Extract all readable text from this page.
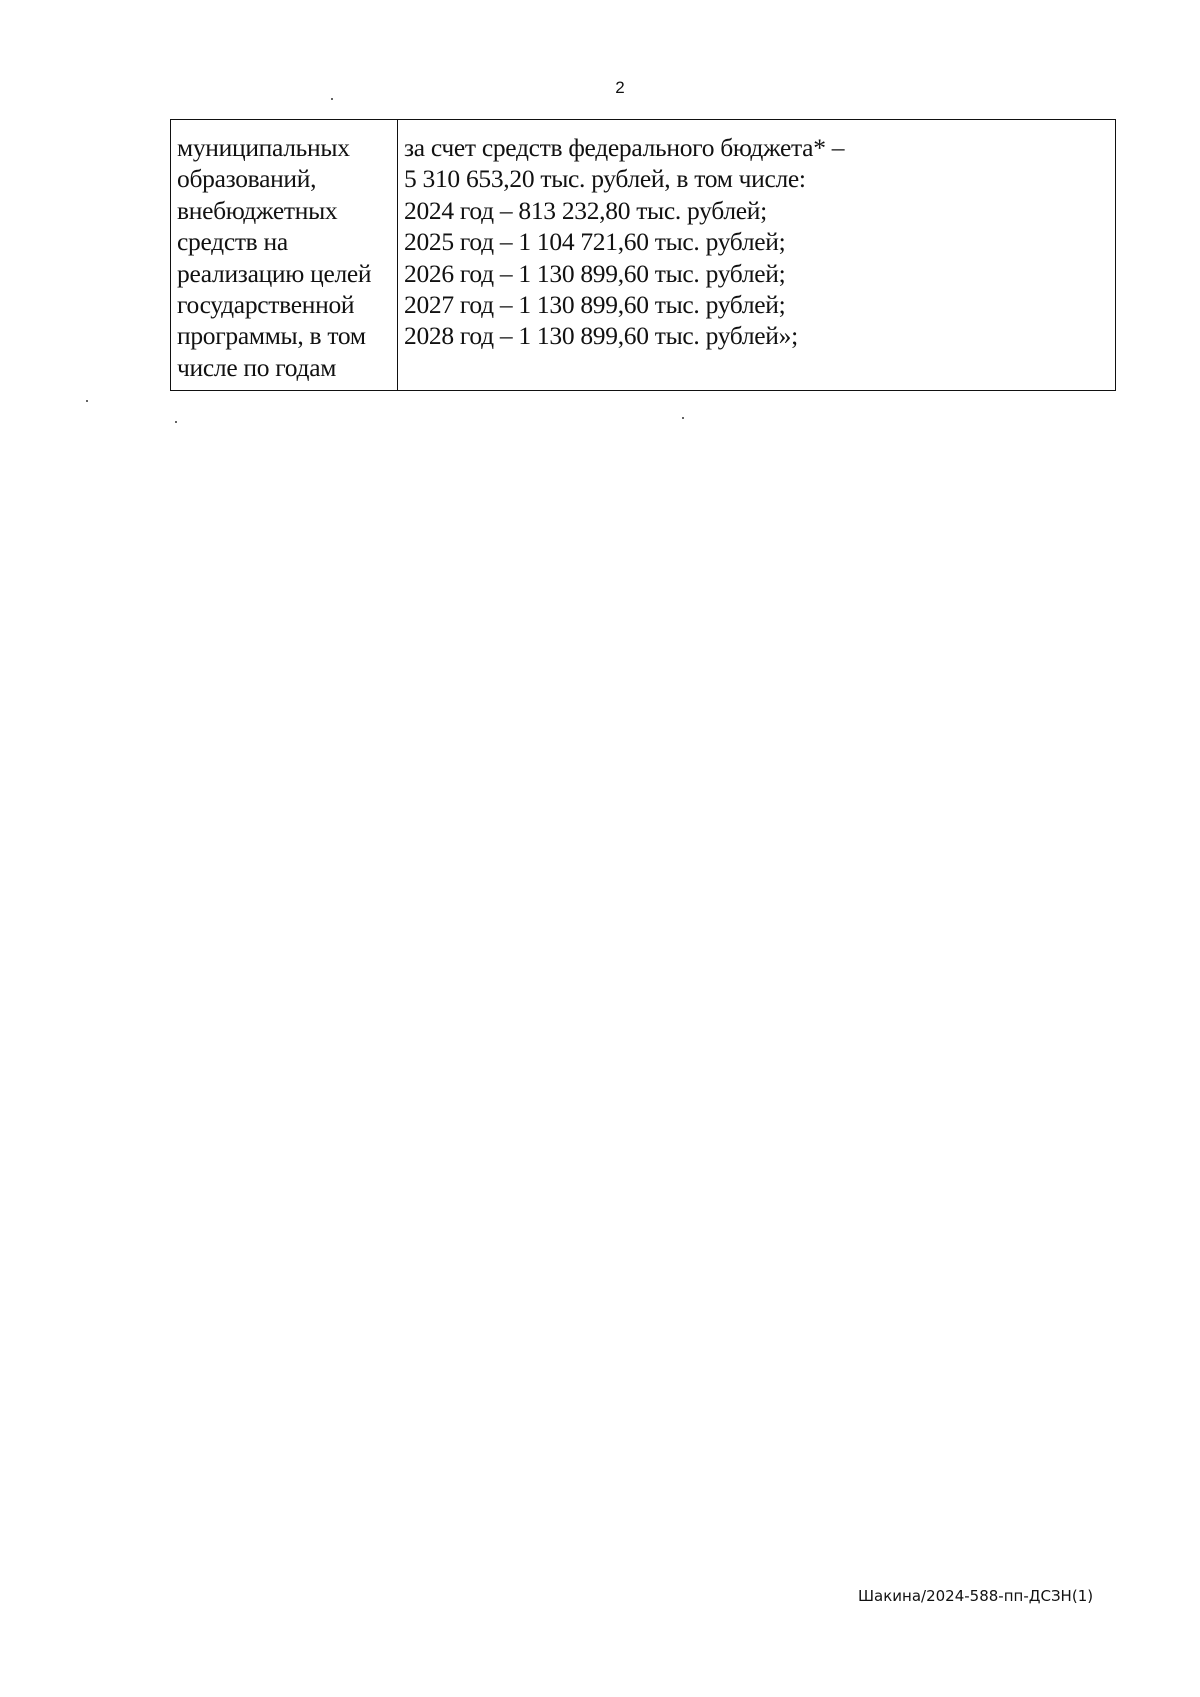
2
муниципальных
образований,
внебюджетных
средств на
реализацию целей
государственной
программы, в том
числе по годам
за счет средств федерального бюджета* –
5 310 653,20 тыс. рублей, в том числе:
2024 год – 813 232,80 тыс. рублей;
2025 год – 1 104 721,60 тыс. рублей;
2026 год – 1 130 899,60 тыс. рублей;
2027 год – 1 130 899,60 тыс. рублей;
2028 год – 1 130 899,60 тыс. рублей»;
Шакина/2024-588-пп-ДСЗН(1)
